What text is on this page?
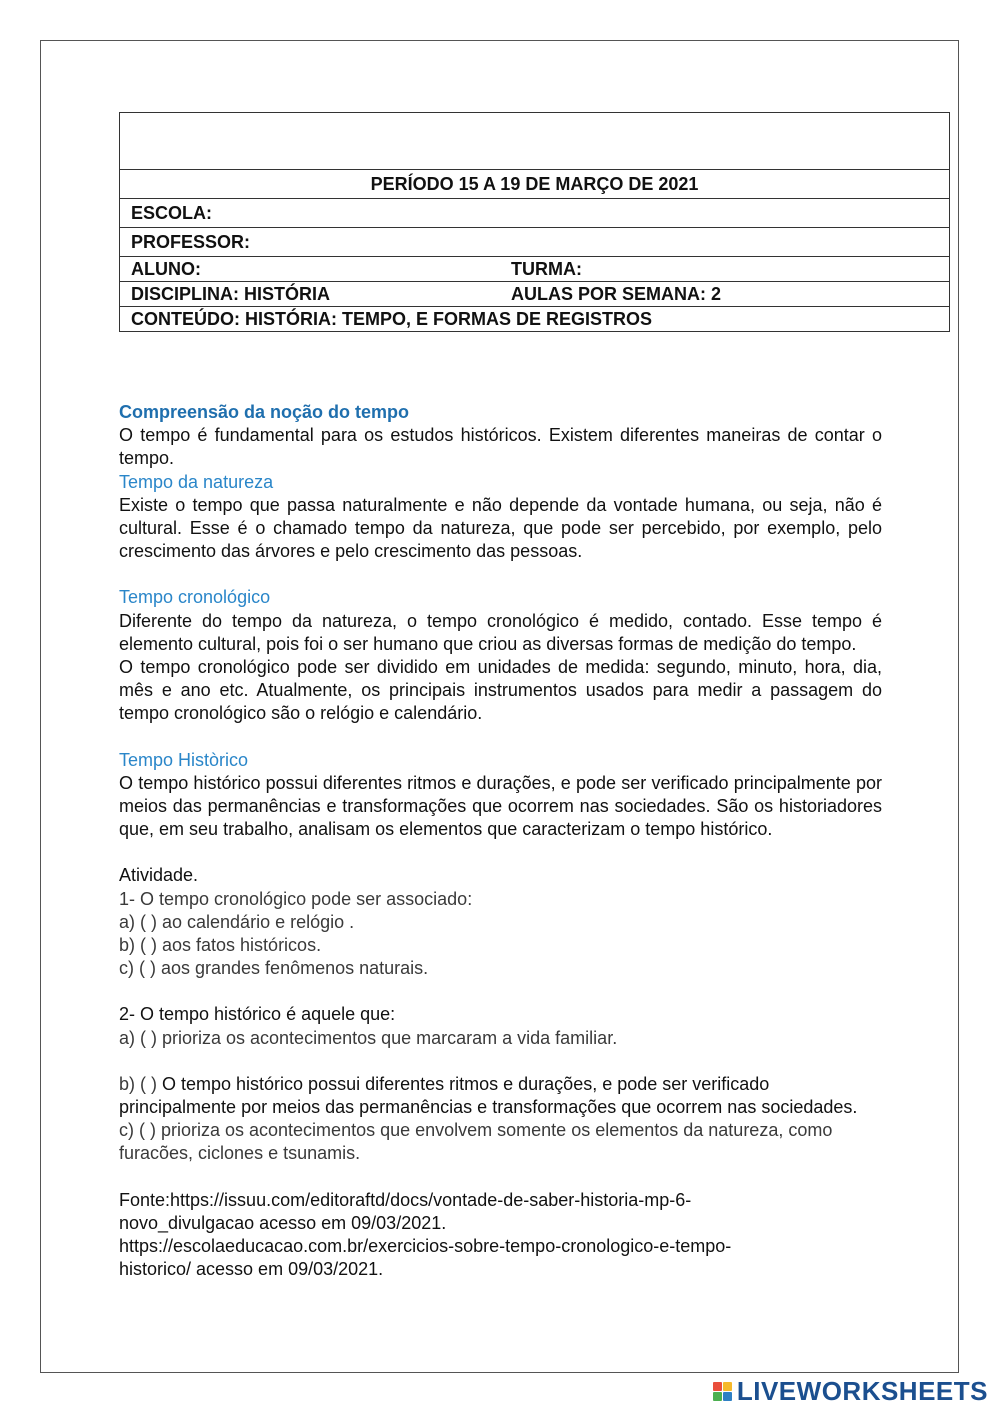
PERÍODO 15 A 19 DE MARÇO DE 2021
ESCOLA:
PROFESSOR:
ALUNO:	TURMA:
DISCIPLINA: HISTÓRIA	AULAS POR SEMANA: 2
CONTEÚDO: HISTÓRIA: TEMPO, E FORMAS DE REGISTROS

Compreensão da noção do tempo

O tempo é fundamental para os estudos históricos. Existem diferentes maneiras de contar o tempo.

Tempo da natureza

Existe o tempo que passa naturalmente e não depende da vontade humana, ou seja, não é cultural. Esse é o chamado tempo da natureza, que pode ser percebido, por exemplo, pelo crescimento das árvores e pelo crescimento das pessoas.

Tempo cronológico

Diferente do tempo da natureza, o tempo cronológico é medido, contado. Esse tempo é elemento cultural, pois foi o ser humano que criou as diversas formas de medição do tempo.

O tempo cronológico pode ser dividido em unidades de medida: segundo, minuto, hora, dia, mês e ano etc. Atualmente, os principais instrumentos usados para medir a passagem do tempo cronológico são o relógio e calendário.

Tempo Històrico

O tempo histórico possui diferentes ritmos e durações, e pode ser verificado principalmente por meios das permanências e transformações que ocorrem nas sociedades. São os historiadores que, em seu trabalho, analisam os elementos que caracterizam o tempo histórico.

Atividade.

1- O tempo cronológico pode ser associado:

a) ( ) ao calendário e relógio .

b) ( ) aos fatos históricos.

c) ( ) aos grandes fenômenos naturais.

2- O tempo histórico é aquele que:

a) ( ) prioriza os acontecimentos que marcaram a vida familiar.

b) ( ) O tempo histórico possui diferentes ritmos e durações, e pode ser verificado principalmente por meios das permanências e transformações que ocorrem nas sociedades.

c) ( ) prioriza os acontecimentos que envolvem somente os elementos da natureza, como furacões, ciclones e tsunamis.

Fonte:https://issuu.com/editoraftd/docs/vontade-de-saber-historia-mp-6-

novo_divulgacao acesso em 09/03/2021.

https://escolaeducacao.com.br/exercicios-sobre-tempo-cronologico-e-tempo-

historico/ acesso em 09/03/2021.

LIVEWORKSHEETS
